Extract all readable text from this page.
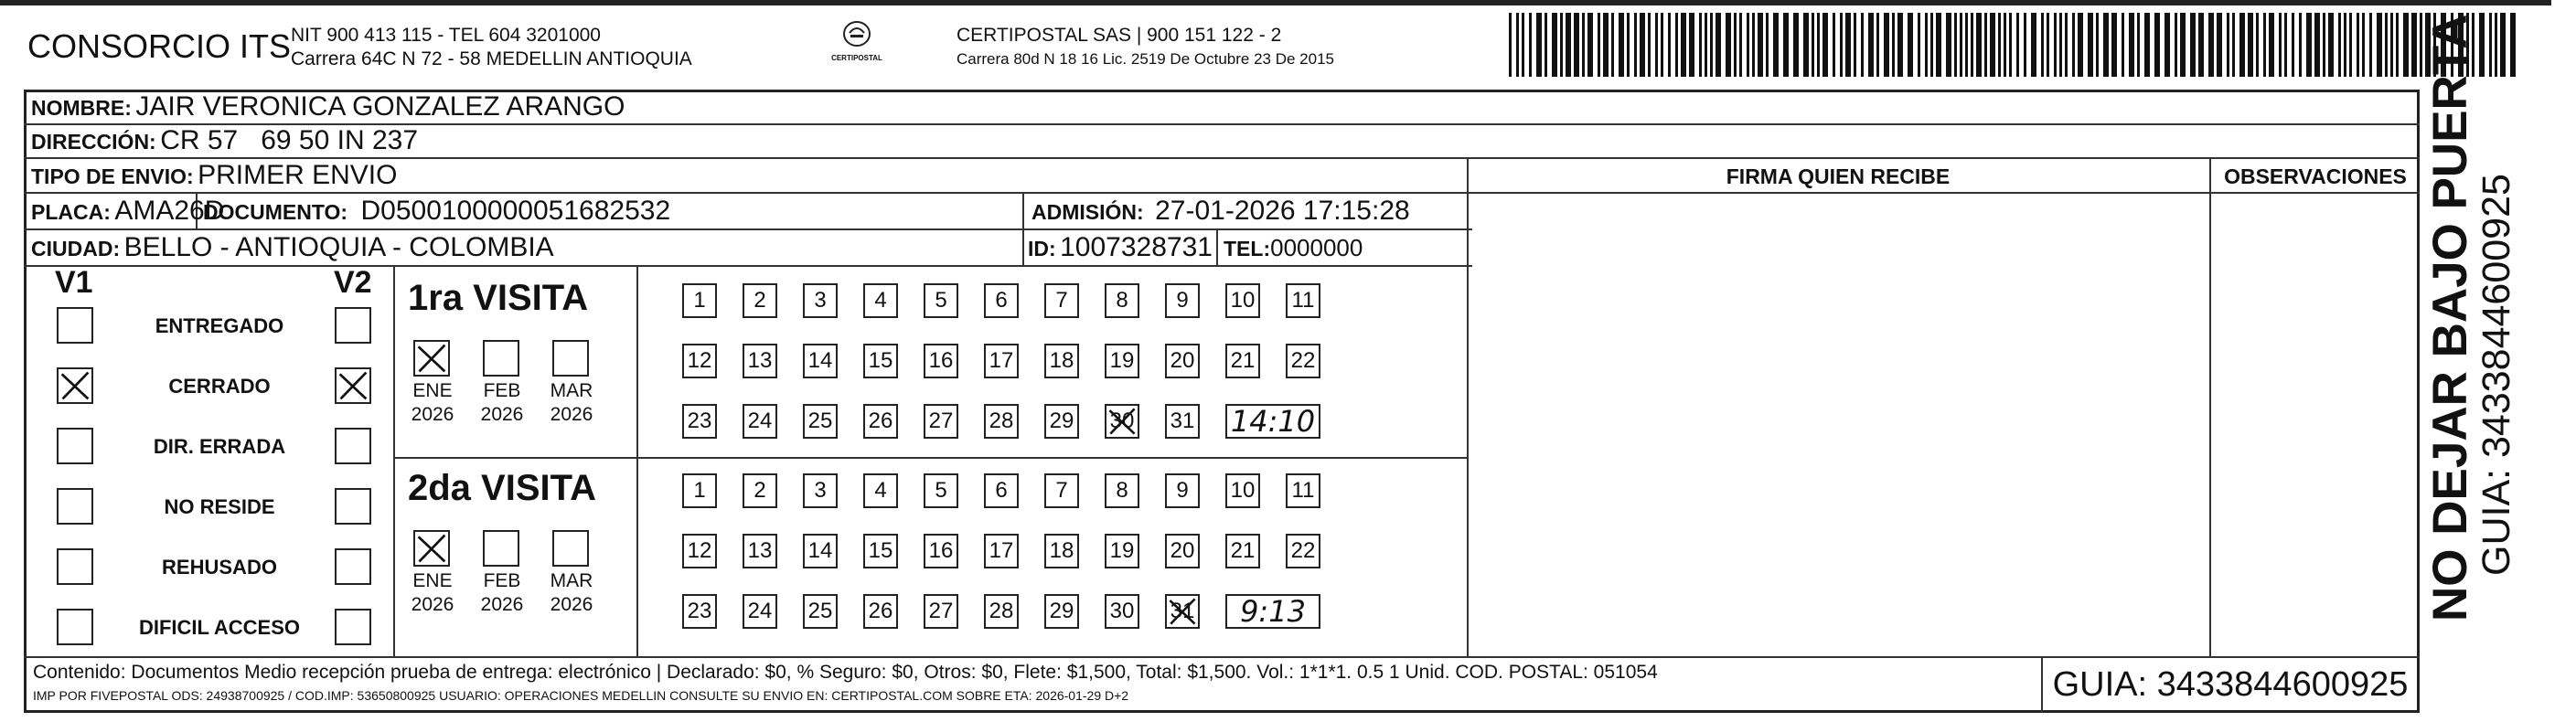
CONSORCIO ITS NIT 900 413 115 - TEL 604 3201000
Carrera 64C N 72 - 58 MEDELLIN ANTIOQUIA	CERTIPOSTAL
CERTIPOSTAL SAS | 900 151 122 - 2
Carrera 80d N 18 16 Lic. 2519 De Octubre 23 De 2015
NOMBRE: JAIR VERONICA GONZALEZ ARANGO
DIRECCIÓN: CR 57   69 50 IN 237
TIPO DE ENVIO: PRIMER ENVIO
PLACA: AMA26D
DOCUMENTO: D0500100000051682532	ADMISIÓN: 27-01-2026 17:15:28
CIUDAD: BELLO - ANTIOQUIA - COLOMBIA	ID: 1007328731 TEL:0000000
FIRMA QUIEN RECIBE	OBSERVACIONES
V1	V2
ENTREGADO
CERRADO
DIR. ERRADA
NO RESIDE
REHUSADO
DIFICIL ACCESO
1ra VISITA
2da VISITA
ENE
2026
FEB
2026
MAR
2026
ENE
2026
FEB
2026
MAR
2026
1	2	3	4	5	6	7	8	9	10 11
12 13 14 15 16 17 18 19 20 21 22
23 24 25 26 27 28 29 30 31 14:10
1	2	3	4	5	6	7	8	9	10 11
12 13 14 15 16 17 18 19 20 21 22
23 24 25 26 27 28 29 30 31	9:13	NO DEJAR BAJO PUERTA
GUIA: 3433844600925
Contenido: Documentos Medio recepción prueba de entrega: electrónico | Declarado: $0, % Seguro: $0, Otros: $0, Flete: $1,500, Total: $1,500. Vol.: 1*1*1. 0.5 1 Unid. COD. POSTAL: 051054
IMP POR FIVEPOSTAL ODS: 24938700925 / COD.IMP: 53650800925 USUARIO: OPERACIONES MEDELLIN CONSULTE SU ENVIO EN: CERTIPOSTAL.COM SOBRE ETA: 2026-01-29 D+2	GUIA: 3433844600925
